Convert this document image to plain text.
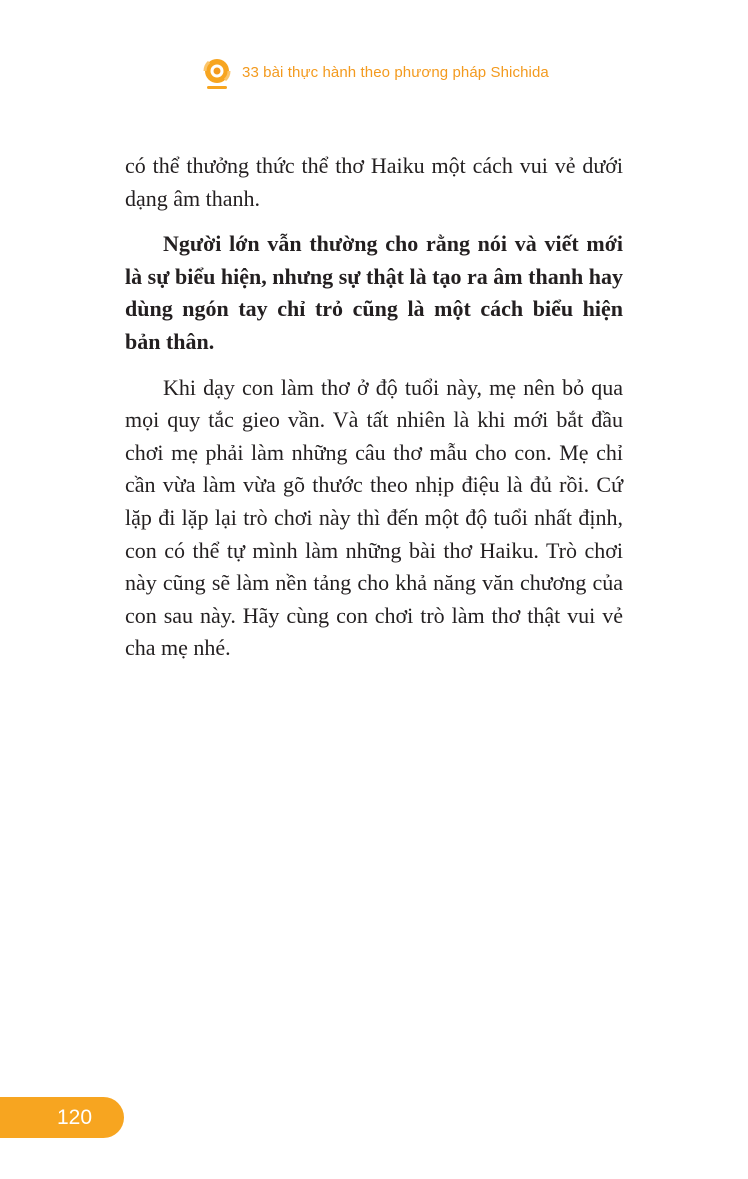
33 bài thực hành theo phương pháp Shichida

có thể thưởng thức thể thơ Haiku một cách vui vẻ dưới dạng âm thanh.

Người lớn vẫn thường cho rằng nói và viết mới là sự biểu hiện, nhưng sự thật là tạo ra âm thanh hay dùng ngón tay chỉ trỏ cũng là một cách biểu hiện bản thân.

Khi dạy con làm thơ ở độ tuổi này, mẹ nên bỏ qua mọi quy tắc gieo vần. Và tất nhiên là khi mới bắt đầu chơi mẹ phải làm những câu thơ mẫu cho con. Mẹ chỉ cần vừa làm vừa gõ thước theo nhịp điệu là đủ rồi. Cứ lặp đi lặp lại trò chơi này thì đến một độ tuổi nhất định, con có thể tự mình làm những bài thơ Haiku. Trò chơi này cũng sẽ làm nền tảng cho khả năng văn chương của con sau này. Hãy cùng con chơi trò làm thơ thật vui vẻ cha mẹ nhé.

120
